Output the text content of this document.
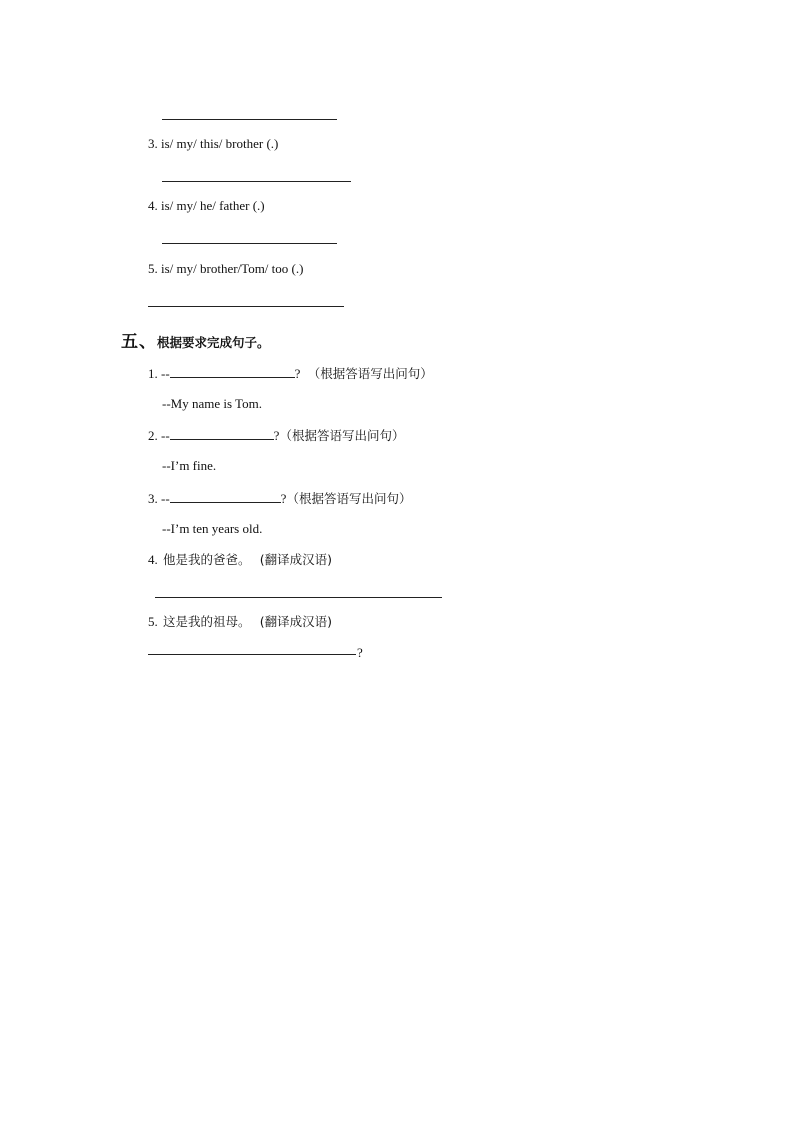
3. is/ my/ this/ brother (.)
4. is/ my/ he/ father (.)
5. is/ my/ brother/Tom/ too (.)
五、根据要求完成句子。
1. --	? （根据答语写出问句）
--My name is Tom.
2. --	?（根据答语写出问句）
--I’m fine.
3. --	?（根据答语写出问句）
--I’m ten years old.
4. 他是我的爸爸。 (翻译成汉语)
5. 这是我的祖母。 (翻译成汉语)
?
